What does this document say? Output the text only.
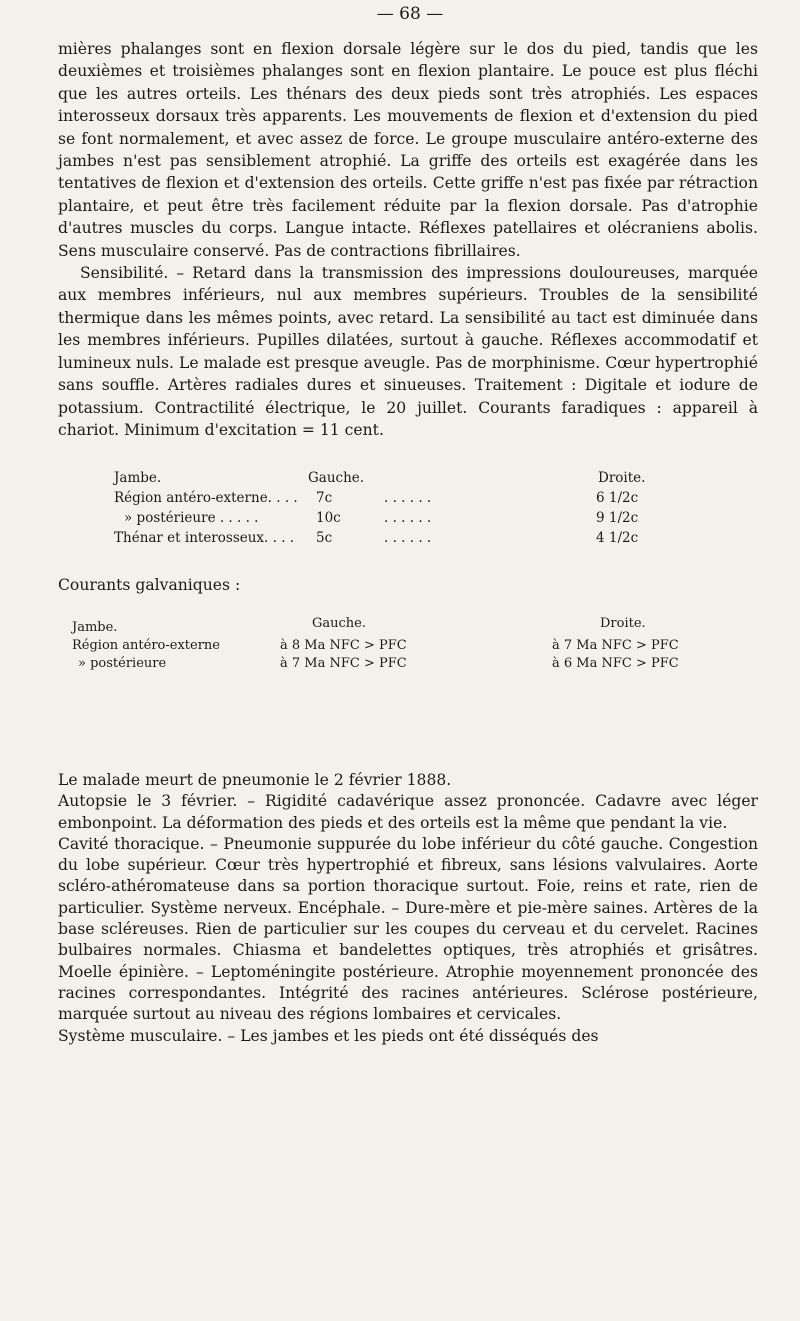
— 68 —

mières phalanges sont en flexion dorsale légère sur le dos du pied, tandis que les deuxièmes et troisièmes phalanges sont en flexion plantaire. Le pouce est plus fléchi que les autres orteils. Les thénars des deux pieds sont très atrophiés. Les espaces interosseux dorsaux très apparents. Les mouvements de flexion et d'extension du pied se font normalement, et avec assez de force. Le groupe musculaire antéro-externe des jambes n'est pas sensiblement atrophié. La griffe des orteils est exagérée dans les tentatives de flexion et d'extension des orteils. Cette griffe n'est pas fixée par rétraction plantaire, et peut être très facilement réduite par la flexion dorsale. Pas d'atrophie d'autres muscles du corps. Langue intacte. Réflexes patellaires et olécraniens abolis. Sens musculaire conservé. Pas de contractions fibrillaires.

Sensibilité. – Retard dans la transmission des impressions douloureuses, marquée aux membres inférieurs, nul aux membres supérieurs. Troubles de la sensibilité thermique dans les mêmes points, avec retard. La sensibilité au tact est diminuée dans les membres inférieurs. Pupilles dilatées, surtout à gauche. Réflexes accommodatif et lumineux nuls. Le malade est presque aveugle. Pas de morphinisme. Cœur hypertrophié sans souffle. Artères radiales dures et sinueuses. Traitement : Digitale et iodure de potassium. Contractilité électrique, le 20 juillet. Courants faradiques : appareil à chariot. Minimum d'excitation = 11 cent.

Jambe.	Gauche.	Droite.
Région antéro-externe. . . . 7c	. . . . . .	6 1/2c
» postérieure . . . . .	10c	. . . . . .	9 1/2c
Thénar et interosseux. . . . 5c	. . . . . .	4 1/2c
Courants galvaniques :
Jambe.	Gauche.	Droite.
Région antéro-externe	à 8 Ma NFC > PFC	à 7 Ma NFC > PFC
» postérieure	à 7 Ma NFC > PFC	à 6 Ma NFC > PFC

Le malade meurt de pneumonie le 2 février 1888.

Autopsie le 3 février. – Rigidité cadavérique assez prononcée. Cadavre avec léger embonpoint. La déformation des pieds et des orteils est la même que pendant la vie.

Cavité thoracique. – Pneumonie suppurée du lobe inférieur du côté gauche. Congestion du lobe supérieur. Cœur très hypertrophié et fibreux, sans lésions valvulaires. Aorte scléro-athéromateuse dans sa portion thoracique surtout. Foie, reins et rate, rien de particulier. Système nerveux. Encéphale. – Dure-mère et pie-mère saines. Artères de la base scléreuses. Rien de particulier sur les coupes du cerveau et du cervelet. Racines bulbaires normales. Chiasma et bandelettes optiques, très atrophiés et grisâtres. Moelle épinière. – Leptoméningite postérieure. Atrophie moyennement prononcée des racines correspondantes. Intégrité des racines antérieures. Sclérose postérieure, marquée surtout au niveau des régions lombaires et cervicales.

Système musculaire. – Les jambes et les pieds ont été disséqués des
